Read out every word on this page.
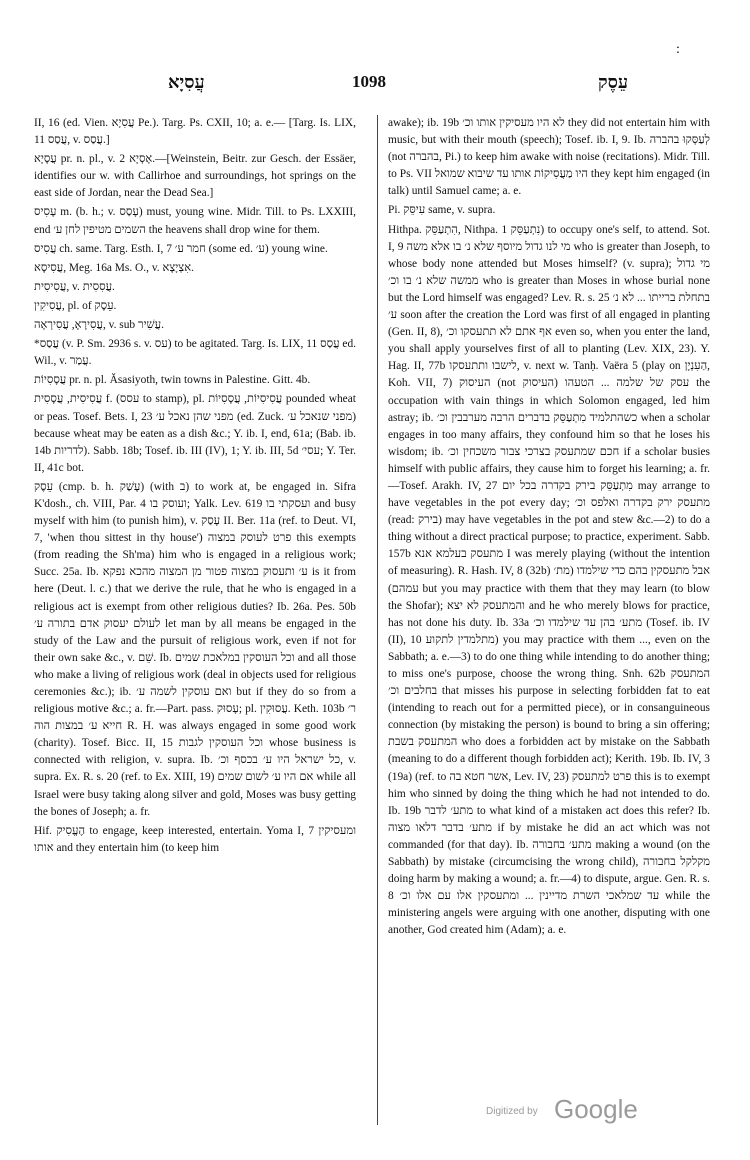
:
עֲסִיָא	1098	עֵסֶק

II, 16 (ed. Vien. עֲסִיָא Pe.). Targ. Ps. CXII, 10; a. e.— [Targ. Is. LIX, 11 עֲסַס, v. עֲסַס.]

עֲסָיָא pr. n. pl., v. אָסְיָא 2.—[Weinstein, Beitr. zur Gesch. der Essäer, identifies our w. with Callirhoe and surroundings, hot springs on the east side of Jordan, near the Dead Sea.]

עָסִיס m. (b. h.; v. עָסַס) must, young wine. Midr. Till. to Ps. LXXIII, end השמים מטיפין לחן ע׳ the heavens shall drop wine for them.

עֲסִיס ch. same. Targ. Esth. I, 7 חמר ע׳ (some ed. ע׳) young wine.

עֲסִיסָא, Meg. 16a Ms. O., v. אִצְיָצָא.

עֲסִיסִית, v. עֲסִסִית.

עֲסִיקִין, pl. of עֵסֶק.

עֲסִירָאָ, עֲסִירְאָה, v. sub עֲשִׁיר.

*עֲסַס (v. P. Sm. 2936 s. v. עס) to be agitated. Targ. Is. LIX, 11 עֲסַס ed. Wil., v. עֲמַר.

עֲסָסִיוֹת pr. n. pl. Ăsasiyoth, twin towns in Palestine. Gitt. 4b.

עֲסִיסִית, עֲסָסִית f. (עסס to stamp), pl. עֲסִיסִיוֹת, עֲסָסִיוֹת pounded wheat or peas. Tosef. Bets. I, 23 מפני שהן נאכל ע׳ (ed. Zuck. מפני שנאכל ע׳) because wheat may be eaten as a dish &c.; Y. ib. I, end, 61a; (Bab. ib. 14b לדריות). Sabb. 18b; Tosef. ib. III (IV), 1; Y. ib. III, 5d עסי׳; Y. Ter. II, 41c bot.

עֵסֶק (cmp. b. h. עָשַׁק) (with ב) to work at, be engaged in. Sifra K'dosh., ch. VIII, Par. 4 ועוסק בו; Yalk. Lev. 619 ועסקתי בו and busy myself with him (to punish him), v. עָסַק II. Ber. 11a (ref. to Deut. VI, 7, 'when thou sittest in thy house') פרט לעוסק במצוה this exempts (from reading the Sh'ma) him who is engaged in a religious work; Succ. 25a. Ib. ע׳ ותעסוק במצוה פטור מן המצוה מהכא נפקא is it from here (Deut. l. c.) that we derive the rule, that he who is engaged in a religious act is exempt from other religious duties? Ib. 26a. Pes. 50b לעולם יעסוק אדם בתורה ע׳ let man by all means be engaged in the study of the Law and the pursuit of religious work, even if not for their own sake &c., v. שֵׁם. Ib. וכל העוסקין במלאכת שמים and all those who make a living of religious work (deal in objects used for religious ceremonies &c.); ib. ואם עוסקין לשמה ע׳ but if they do so from a religious motive &c.; a. fr.—Part. pass. עָסוּק; pl. עֲסוּקִין. Keth. 103b ר׳ חייא ע׳ במצות הוה R. H. was always engaged in some good work (charity). Tosef. Bicc. II, 15 וכל העוסקין לגבות whose business is connected with religion, v. supra. Ib. כל ישראל היו ע׳ בכסף וכ׳, v. supra. Ex. R. s. 20 (ref. to Ex. XIII, 19) אם היו ע׳ לשום שמים while all Israel were busy taking along silver and gold, Moses was busy getting the bones of Joseph; a. fr.

Hif. הֶעֱסִיק to engage, keep interested, entertain. Yoma I, 7 ומעסיקין אותו and they entertain him (to keep him

awake); ib. 19b לא היו מעסיקין אותו וכ׳ they did not entertain him with music, but with their mouth (speech); Tosef. ib. I, 9. Ib. לְעַסְּקוּ בהברה (not בהברה, Pi.) to keep him awake with noise (recitations). Midr. Till. to Ps. VII היו מַעֲסִיקוֹת אותו עד שיבוא שמואל they kept him engaged (in talk) until Samuel came; a. e.

Pi. עִיסֵּק same, v. supra.

Hithpa. הִתְעַסֵּק, Nithpa. נִתְעַסֵּק 1) to occupy one's self, to attend. Sot. I, 9 מי לנו גדול מיוסף שלא נ׳ בו אלא משה who is greater than Joseph, to whose body none attended but Moses himself? (v. supra); מי גדול ממשה שלא נ׳ בו וכ׳ who is greater than Moses in whose burial none but the Lord himself was engaged? Lev. R. s. 25 בתחלת ברייתו ... לא נ׳ ע׳ soon after the creation the Lord was first of all engaged in planting (Gen. II, 8), אף אתם לא תתעסקו וכ׳ even so, when you enter the land, you shall apply yourselves first of all to planting (Lev. XIX, 23). Y. Hag. II, 77b לישבו ותתעסקו, v. next w. Tanḥ. Vaëra 5 (play on הַעִנְיָן, Koh. VII, 7) העיסוק (not העיסוק) עסק של שלמה ... הטעהו the occupation with vain things in which Solomon engaged, led him astray; ib. כשהתלמיד מִתְעַסֵּק בדברים הרבה מערבבין וכ׳ when a scholar engages in too many affairs, they confound him so that he loses his wisdom; ib. חכם שמתעסק בצרכי צבור משכחין וכ׳ if a scholar busies himself with public affairs, they cause him to forget his learning; a. fr.—Tosef. Arakh. IV, 27 מִתְעַסֵּק בירק בקדרה בכל יום may arrange to have vegetables in the pot every day; מתעסק ירק בקדרה ואלפס וכ׳ (read: בירק) may have vegetables in the pot and stew &c.—2) to do a thing without a direct practical purpose; to practice, experiment. Sabb. 157b מתעסק בעלמא אנא I was merely playing (without the intention of measuring). R. Hash. IV, 8 (32b) אבל מתעסקין בהם כדי שילמדו (מת׳ עמהם) but you may practice with them that they may learn (to blow the Shofar); והמתעסק לא יצא and he who merely blows for practice, has not done his duty. Ib. 33a מתע׳ בהן עד שילמדו וכ׳ (Tosef. ib. IV (II), 10 מתלמדין לתקוע) you may practice with them ..., even on the Sabbath; a. e.—3) to do one thing while intending to do another thing; to miss one's purpose, choose the wrong thing. Snh. 62b המתעסק בחלבים וכ׳ that misses his purpose in selecting forbidden fat to eat (intending to reach out for a permitted piece), or in consanguineous connection (by mistaking the person) is bound to bring a sin offering; המתעסק בשבת who does a forbidden act by mistake on the Sabbath (meaning to do a different though forbidden act); Kerith. 19b. Ib. IV, 3 (19a) (ref. to אשר חטא בה, Lev. IV, 23) פרט למתעסק this is to exempt him who sinned by doing the thing which he had not intended to do. Ib. 19b מתע׳ לדבר to what kind of a mistaken act does this refer? Ib. מתע׳ בדבר דלאו מצוה if by mistake he did an act which was not commanded (for that day). Ib. מתע׳ בחבורה making a wound (on the Sabbath) by mistake (circumcising the wrong child), מקלקל בחבורה doing harm by making a wound; a. fr.—4) to dispute, argue. Gen. R. s. 8 עד שמלאכי השרת מדיינין ... ומתעסקין אלו עם אלו וכ׳ while the ministering angels were arguing with one another, disputing with one another, God created him (Adam); a. e.

Digitized by Google
